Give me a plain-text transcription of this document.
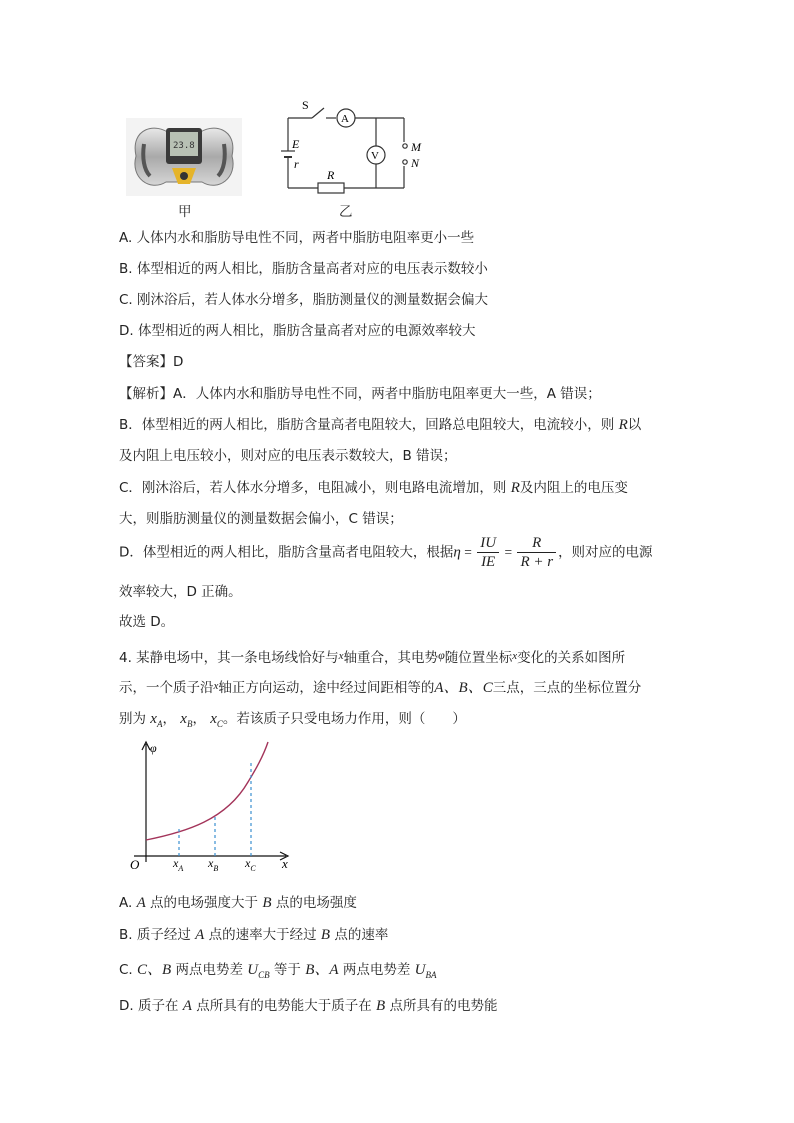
23.8
甲
S
A
V
E
r
R
M
N
乙
A. 人体内水和脂肪导电性不同，两者中脂肪电阻率更小一些
B. 体型相近的两人相比，脂肪含量高者对应的电压表示数较小
C. 刚沐浴后，若人体水分增多，脂肪测量仪的测量数据会偏大
D. 体型相近的两人相比，脂肪含量高者对应的电源效率较大
【答案】D
【解析】A．人体内水和脂肪导电性不同，两者中脂肪电阻率更大一些，A 错误；
B．体型相近的两人相比，脂肪含量高者电阻较大，回路总电阻较大，电流较小，则 R以
及内阻上电压较小，则对应的电压表示数较大，B 错误；
C．刚沐浴后，若人体水分增多，电阻减小，则电路电流增加，则 R及内阻上的电压变
大，则脂肪测量仪的测量数据会偏小，C 错误；
D．体型相近的两人相比，脂肪含量高者电阻较大，根据$\eta = \frac{IU}{IE} = \frac{R}{R + r}$ ，则对应的电源
效率较大，D 正确。
故选 D。
4. 某静电场中，其一条电场线恰好与$^x$轴重合，其电势φ随位置坐标$^x$变化的关系如图所
示，一个质子沿$^x$轴正方向运动，途中经过间距相等的A、B、C三点，三点的坐标位置分
别为 $x_A$， $x_B$， $x_C$。若该质子只受电场力作用，则（　　）
φ
O	x
$x_A$ $x_B$ $x_C$
A. A 点的电场强度大于 B 点的电场强度
B. 质子经过 A 点的速率大于经过 B 点的速率
C. C、B 两点电势差 $U_{CB}$ 等于 B、A 两点电势差 $U_{BA}$
D. 质子在 A 点所具有的电势能大于质子在 B 点所具有的电势能
